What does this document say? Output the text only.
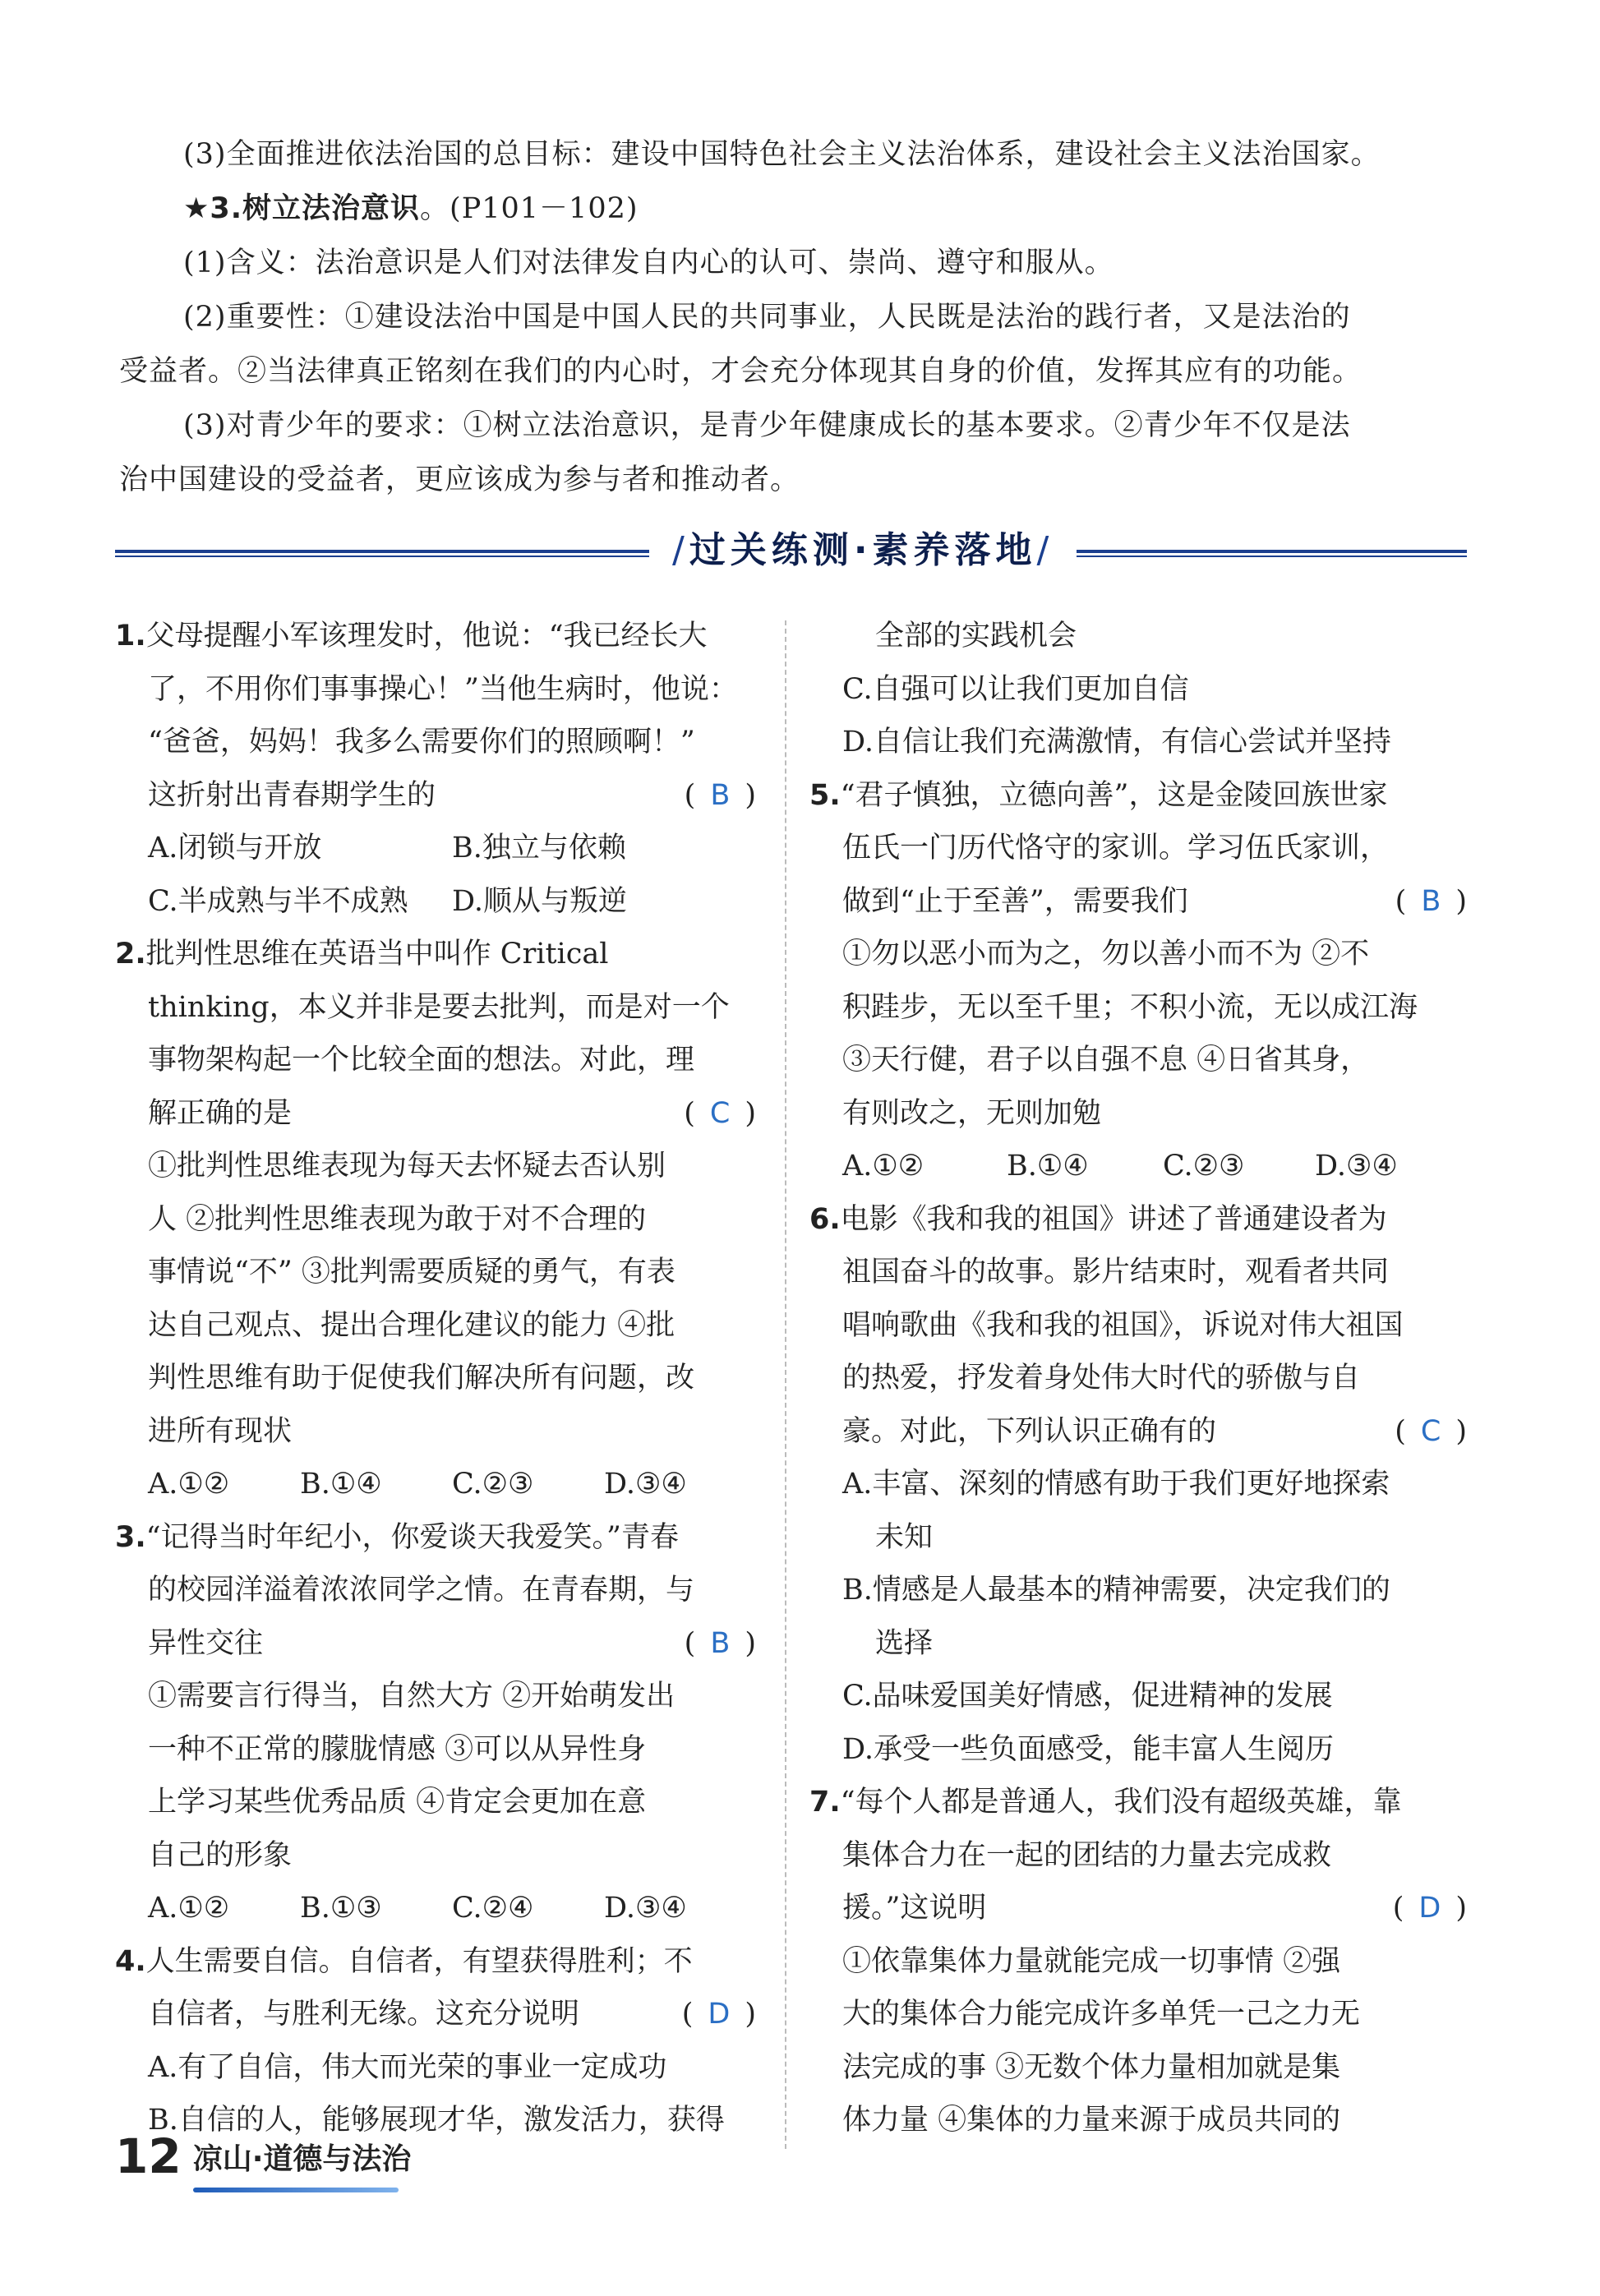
(3)全面推进依法治国的总目标：建设中国特色社会主义法治体系，建设社会主义法治国家。

★3.树立法治意识。(P101－102)

(1)含义：法治意识是人们对法律发自内心的认可、崇尚、遵守和服从。

(2)重要性：①建设法治中国是中国人民的共同事业，人民既是法治的践行者，又是法治的

受益者。②当法律真正铭刻在我们的内心时，才会充分体现其自身的价值，发挥其应有的功能。

(3)对青少年的要求：①树立法治意识，是青少年健康成长的基本要求。②青少年不仅是法

治中国建设的受益者，更应该成为参与者和推动者。

/过关练测·素养落地/
1.父母提醒小军该理发时，他说：“我已经长大
了，不用你们事事操心！”当他生病时，他说：
“爸爸，妈妈！我多么需要你们的照顾啊！”
这折射出青春期学生的	( B )
A.闭锁与开放	B.独立与依赖
C.半成熟与半不成熟	D.顺从与叛逆
2.批判性思维在英语当中叫作 Critical
thinking，本义并非是要去批判，而是对一个
事物架构起一个比较全面的想法。对此，理
解正确的是	( C )
①批判性思维表现为每天去怀疑去否认别
人 ②批判性思维表现为敢于对不合理的
事情说“不” ③批判需要质疑的勇气，有表
达自己观点、提出合理化建议的能力 ④批
判性思维有助于促使我们解决所有问题，改
进所有现状
A.①②	B.①④	C.②③	D.③④
3.“记得当时年纪小，你爱谈天我爱笑。”青春
的校园洋溢着浓浓同学之情。在青春期，与
异性交往	( B )
①需要言行得当，自然大方 ②开始萌发出
一种不正常的朦胧情感 ③可以从异性身
上学习某些优秀品质 ④肯定会更加在意
自己的形象
A.①②	B.①③	C.②④	D.③④
4.人生需要自信。自信者，有望获得胜利；不
自信者，与胜利无缘。这充分说明	( D )
A.有了自信，伟大而光荣的事业一定成功
B.自信的人，能够展现才华，激发活力，获得
全部的实践机会
C.自强可以让我们更加自信
D.自信让我们充满激情，有信心尝试并坚持
5.“君子慎独，立德向善”，这是金陵回族世家
伍氏一门历代恪守的家训。学习伍氏家训，
做到“止于至善”，需要我们	( B )
①勿以恶小而为之，勿以善小而不为 ②不
积跬步，无以至千里；不积小流，无以成江海
③天行健，君子以自强不息 ④日省其身，
有则改之，无则加勉
A.①②	B.①④	C.②③	D.③④
6.电影《我和我的祖国》讲述了普通建设者为
祖国奋斗的故事。影片结束时，观看者共同
唱响歌曲《我和我的祖国》，诉说对伟大祖国
的热爱，抒发着身处伟大时代的骄傲与自
豪。对此，下列认识正确有的	( C )
A.丰富、深刻的情感有助于我们更好地探索
未知
B.情感是人最基本的精神需要，决定我们的
选择
C.品味爱国美好情感，促进精神的发展
D.承受一些负面感受，能丰富人生阅历
7.“每个人都是普通人，我们没有超级英雄，靠
集体合力在一起的团结的力量去完成救
援。”这说明	( D )
①依靠集体力量就能完成一切事情 ②强
大的集体合力能完成许多单凭一己之力无
法完成的事 ③无数个体力量相加就是集
体力量 ④集体的力量来源于成员共同的
12 凉山·道德与法治
